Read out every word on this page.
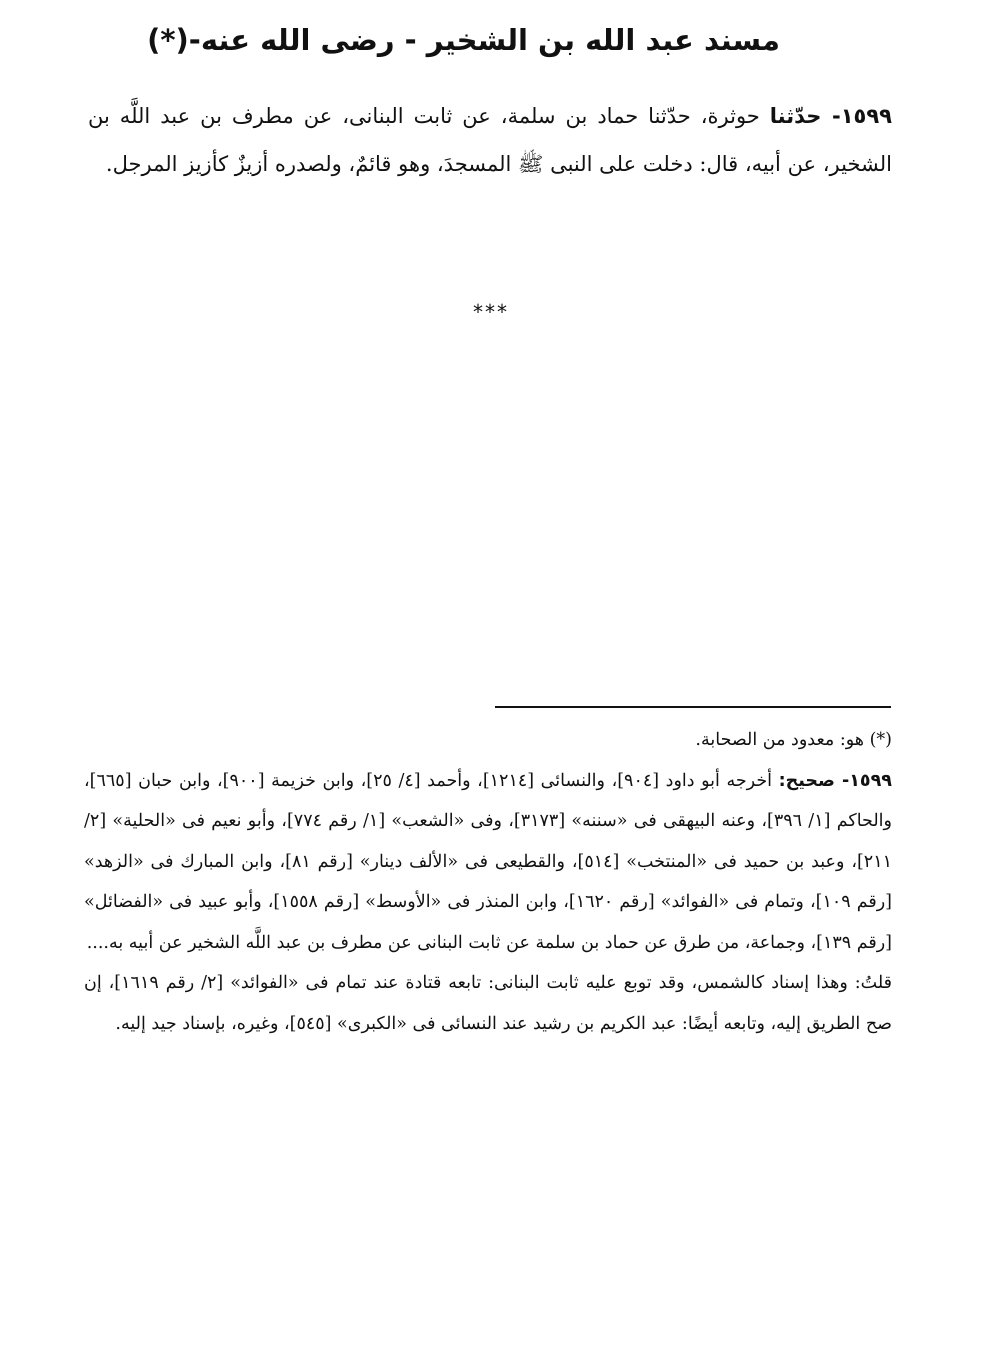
مسند عبد الله بن الشخير - رضى الله عنه-(*)
١٥٩٩- حدّثنا حوثرة، حدّثنا حماد بن سلمة، عن ثابت البنانى، عن مطرف بن عبد اللَّه بن الشخير، عن أبيه، قال: دخلت على النبى ﷺ المسجدَ، وهو قائمٌ، ولصدره أزيزٌ كأزيز المرجل.
***

(*) هو: معدود من الصحابة.

١٥٩٩- صحيح: أخرجه أبو داود [٩٠٤]، والنسائى [١٢١٤]، وأحمد [٤/ ٢٥]، وابن خزيمة [٩٠٠]، وابن حبان [٦٦٥]، والحاكم [١/ ٣٩٦]، وعنه البيهقى فى «سننه» [٣١٧٣]، وفى «الشعب» [١/ رقم ٧٧٤]، وأبو نعيم فى «الحلية» [٢/ ٢١١]، وعبد بن حميد فى «المنتخب» [٥١٤]، والقطيعى فى «الألف دينار» [رقم ٨١]، وابن المبارك فى «الزهد» [رقم ١٠٩]، وتمام فى «الفوائد» [رقم ١٦٢٠]، وابن المنذر فى «الأوسط» [رقم ١٥٥٨]، وأبو عبيد فى «الفضائل» [رقم ١٣٩]، وجماعة، من طرق عن حماد بن سلمة عن ثابت البنانى عن مطرف بن عبد اللَّه الشخير عن أبيه به....

قلتُ: وهذا إسناد كالشمس، وقد توبع عليه ثابت البنانى: تابعه قتادة عند تمام فى «الفوائد» [٢/ رقم ١٦١٩]، إن صح الطريق إليه، وتابعه أيضًا: عبد الكريم بن رشيد عند النسائى فى «الكبرى» [٥٤٥]، وغيره، بإسناد جيد إليه.
